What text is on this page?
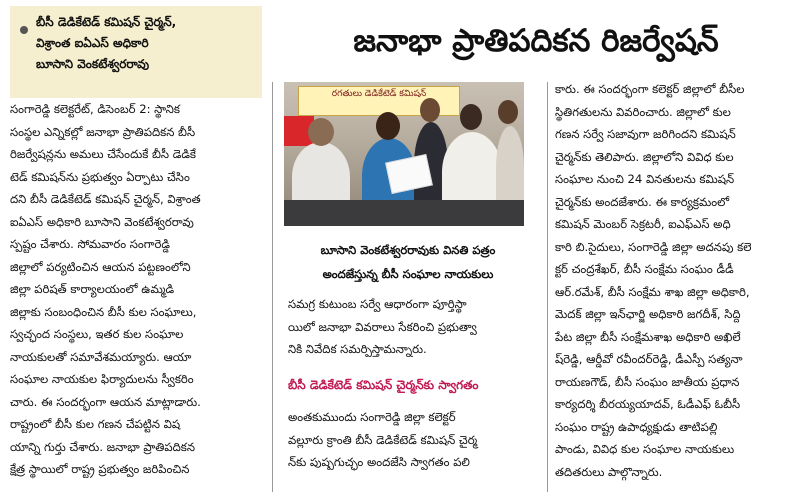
బీసీ డెడికేటెడ్ కమిషన్ చైర్మన్,
విశ్రాంత ఐఏఎస్ అధికారి
బూసాని వెంకటేశ్వరరావు
జనాభా ప్రాతిపదికన రిజర్వేషన్

సంగారెడ్డి కలెక్టరేట్, డిసెంబర్ 2: స్థానిక

సంస్థల ఎన్నికల్లో జనాభా ప్రాతిపదికన బీసీ

రిజర్వేషన్లను అమలు చేసేందుకే బీసీ డెడికే

టెడ్ కమిషన్‌ను ప్రభుత్వం ఏర్పాటు చేసిం

దని బీసీ డెడికేటెడ్ కమిషన్ చైర్మన్, విశ్రాంత

ఐఏఎస్ అధికారి బూసాని వెంకటేశ్వరరావు

స్పష్టం చేశారు. సోమవారం సంగారెడ్డి

జిల్లాలో పర్యటించిన ఆయన పట్టణంలోని

జిల్లా పరిషత్ కార్యాలయంలో ఉమ్మడి

జిల్లాకు సంబంధించిన బీసీ కుల సంఘాలు,

స్వచ్ఛంద సంస్థలు, ఇతర కుల సంఘాల

నాయకులతో సమావేశమయ్యారు. ఆయా

సంఘాల నాయకుల ఫిర్యాదులను స్వీకరిం

చారు. ఈ సందర్భంగా ఆయన మాట్లాడారు.

రాష్ట్రంలో బీసీ కుల గణన చేపట్టిన విష

యాన్ని గుర్తు చేశారు. జనాభా ప్రాతిపదికన

క్షేత్ర స్థాయిలో రాష్ట్ర ప్రభుత్వం జరిపించిన

రగతులు డెడికేటెడ్ కమిషన్

బూసాని వెంకటేశ్వరరావుకు వినతి పత్రం

అందజేస్తున్న బీసీ సంఘాల నాయకులు

సమగ్ర కుటుంబ సర్వే ఆధారంగా పూర్తిస్థా

యిలో జనాభా వివరాలు సేకరించి ప్రభుత్వా

నికి నివేదిక సమర్పిస్తామన్నారు.

బీసీ డెడికేటెడ్ కమిషన్ చైర్మన్‌కు స్వాగతం

అంతకుముందు సంగారెడ్డి జిల్లా కలెక్టర్

వల్లూరు క్రాంతి బీసీ డెడికేటెడ్ కమిషన్ చైర్మ

న్‌కు పుష్పగుచ్ఛం అందజేసి స్వాగతం పలి

కారు. ఈ సందర్భంగా కలెక్టర్ జిల్లాలో బీసీల

స్థితిగతులను వివరించారు. జిల్లాలో కుల

గణన సర్వే సజావుగా జరిగిందని కమిషన్

చైర్మన్‌కు తెలిపారు. జిల్లాలోని వివిధ కుల

సంఘాల నుంచి 24 వినతులను కమిషన్

చైర్మన్‌కు అందజేశారు. ఈ కార్యక్రమంలో

కమిషన్ మెంబర్ సెక్రటరీ, ఐఎఫ్ఎస్ అధి

కారి బి.సైదులు, సంగారెడ్డి జిల్లా అదనపు కలె

క్టర్ చంద్రశేఖర్, బీసీ సంక్షేమ సంఘం డీడీ

ఆర్.రమేశ్, బీసీ సంక్షేమ శాఖ జిల్లా అధికారి,

మెదక్ జిల్లా ఇన్‌ఛార్జి అధికారి జగదీశ్, సిద్ది

పేట జిల్లా బీసీ సంక్షేమశాఖ అధికారి అఖిలే

ష్‌రెడ్డి, ఆర్డీవో రవీందర్‌రెడ్డి, డీఎస్పీ సత్యనా

రాయణగౌడ్, బీసీ సంఘం జాతీయ ప్రధాన

కార్యదర్శి బీరయ్యయాదవ్, ఓడీఎఫ్ ఓబీసీ

సంఘం రాష్ట్ర ఉపాధ్యక్షుడు తాటిపల్లి

పాండు, వివిధ కుల సంఘాల నాయకులు

తదితరులు పాల్గొన్నారు.
